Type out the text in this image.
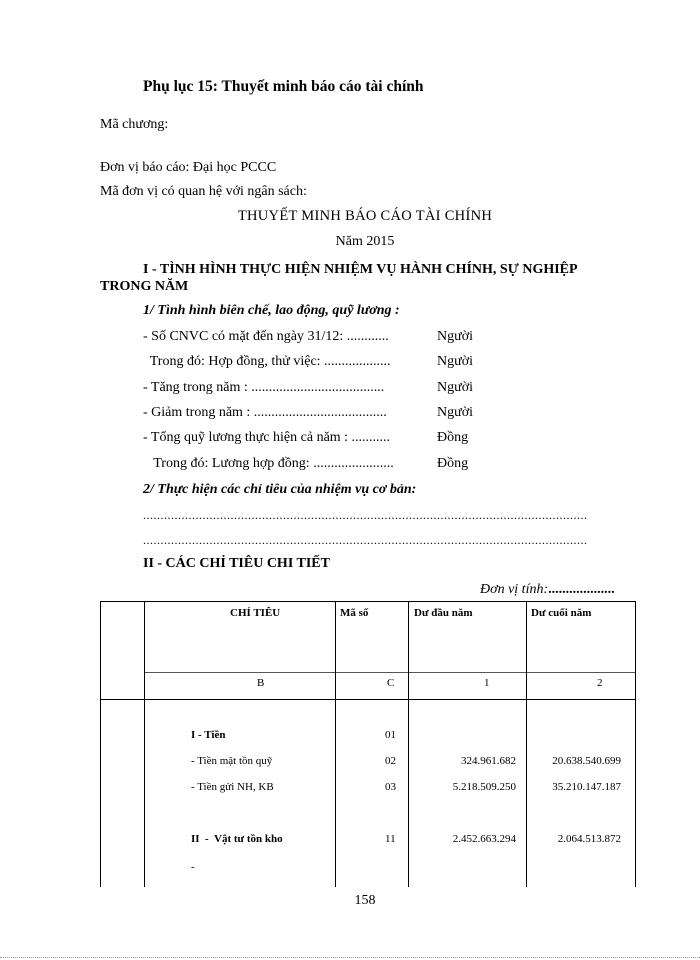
Phụ lục 15: Thuyết minh báo cáo tài chính
Mã chương:
Đơn vị báo cáo: Đại học PCCC
Mã đơn vị có quan hệ với ngân sách:
THUYẾT MINH BÁO CÁO TÀI CHÍNH
Năm 2015
I - TÌNH HÌNH THỰC HIỆN NHIỆM VỤ HÀNH CHÍNH, SỰ NGHIỆP
TRONG NĂM
1/ Tình hình biên chế, lao động, quỹ lương :
- Số CNVC có mặt đến ngày 31/12: ............	Người
Trong đó: Hợp đồng, thử việc: ...................	Người
- Tăng trong năm : ......................................	Người
- Giảm trong năm : ......................................	Người
- Tổng quỹ lương thực hiện cả năm : ...........	Đồng
Trong đó: Lương hợp đồng: .......................	Đồng
2/ Thực hiện các chỉ tiêu của nhiệm vụ cơ bản:
...............................................................................................................................
...............................................................................................................................
II - CÁC CHỈ TIÊU CHI TIẾT
Đơn vị tính:...................
CHỈ TIÊU	Mã số	Dư đầu năm	Dư cuối năm
B	C	1	2
I - Tiền	01
- Tiền mặt tồn quỹ	02	324.961.682	20.638.540.699
- Tiền gửi NH, KB	03	5.218.509.250	35.210.147.187
II  -  Vật tư tồn kho	11	2.452.663.294	2.064.513.872
-
158
